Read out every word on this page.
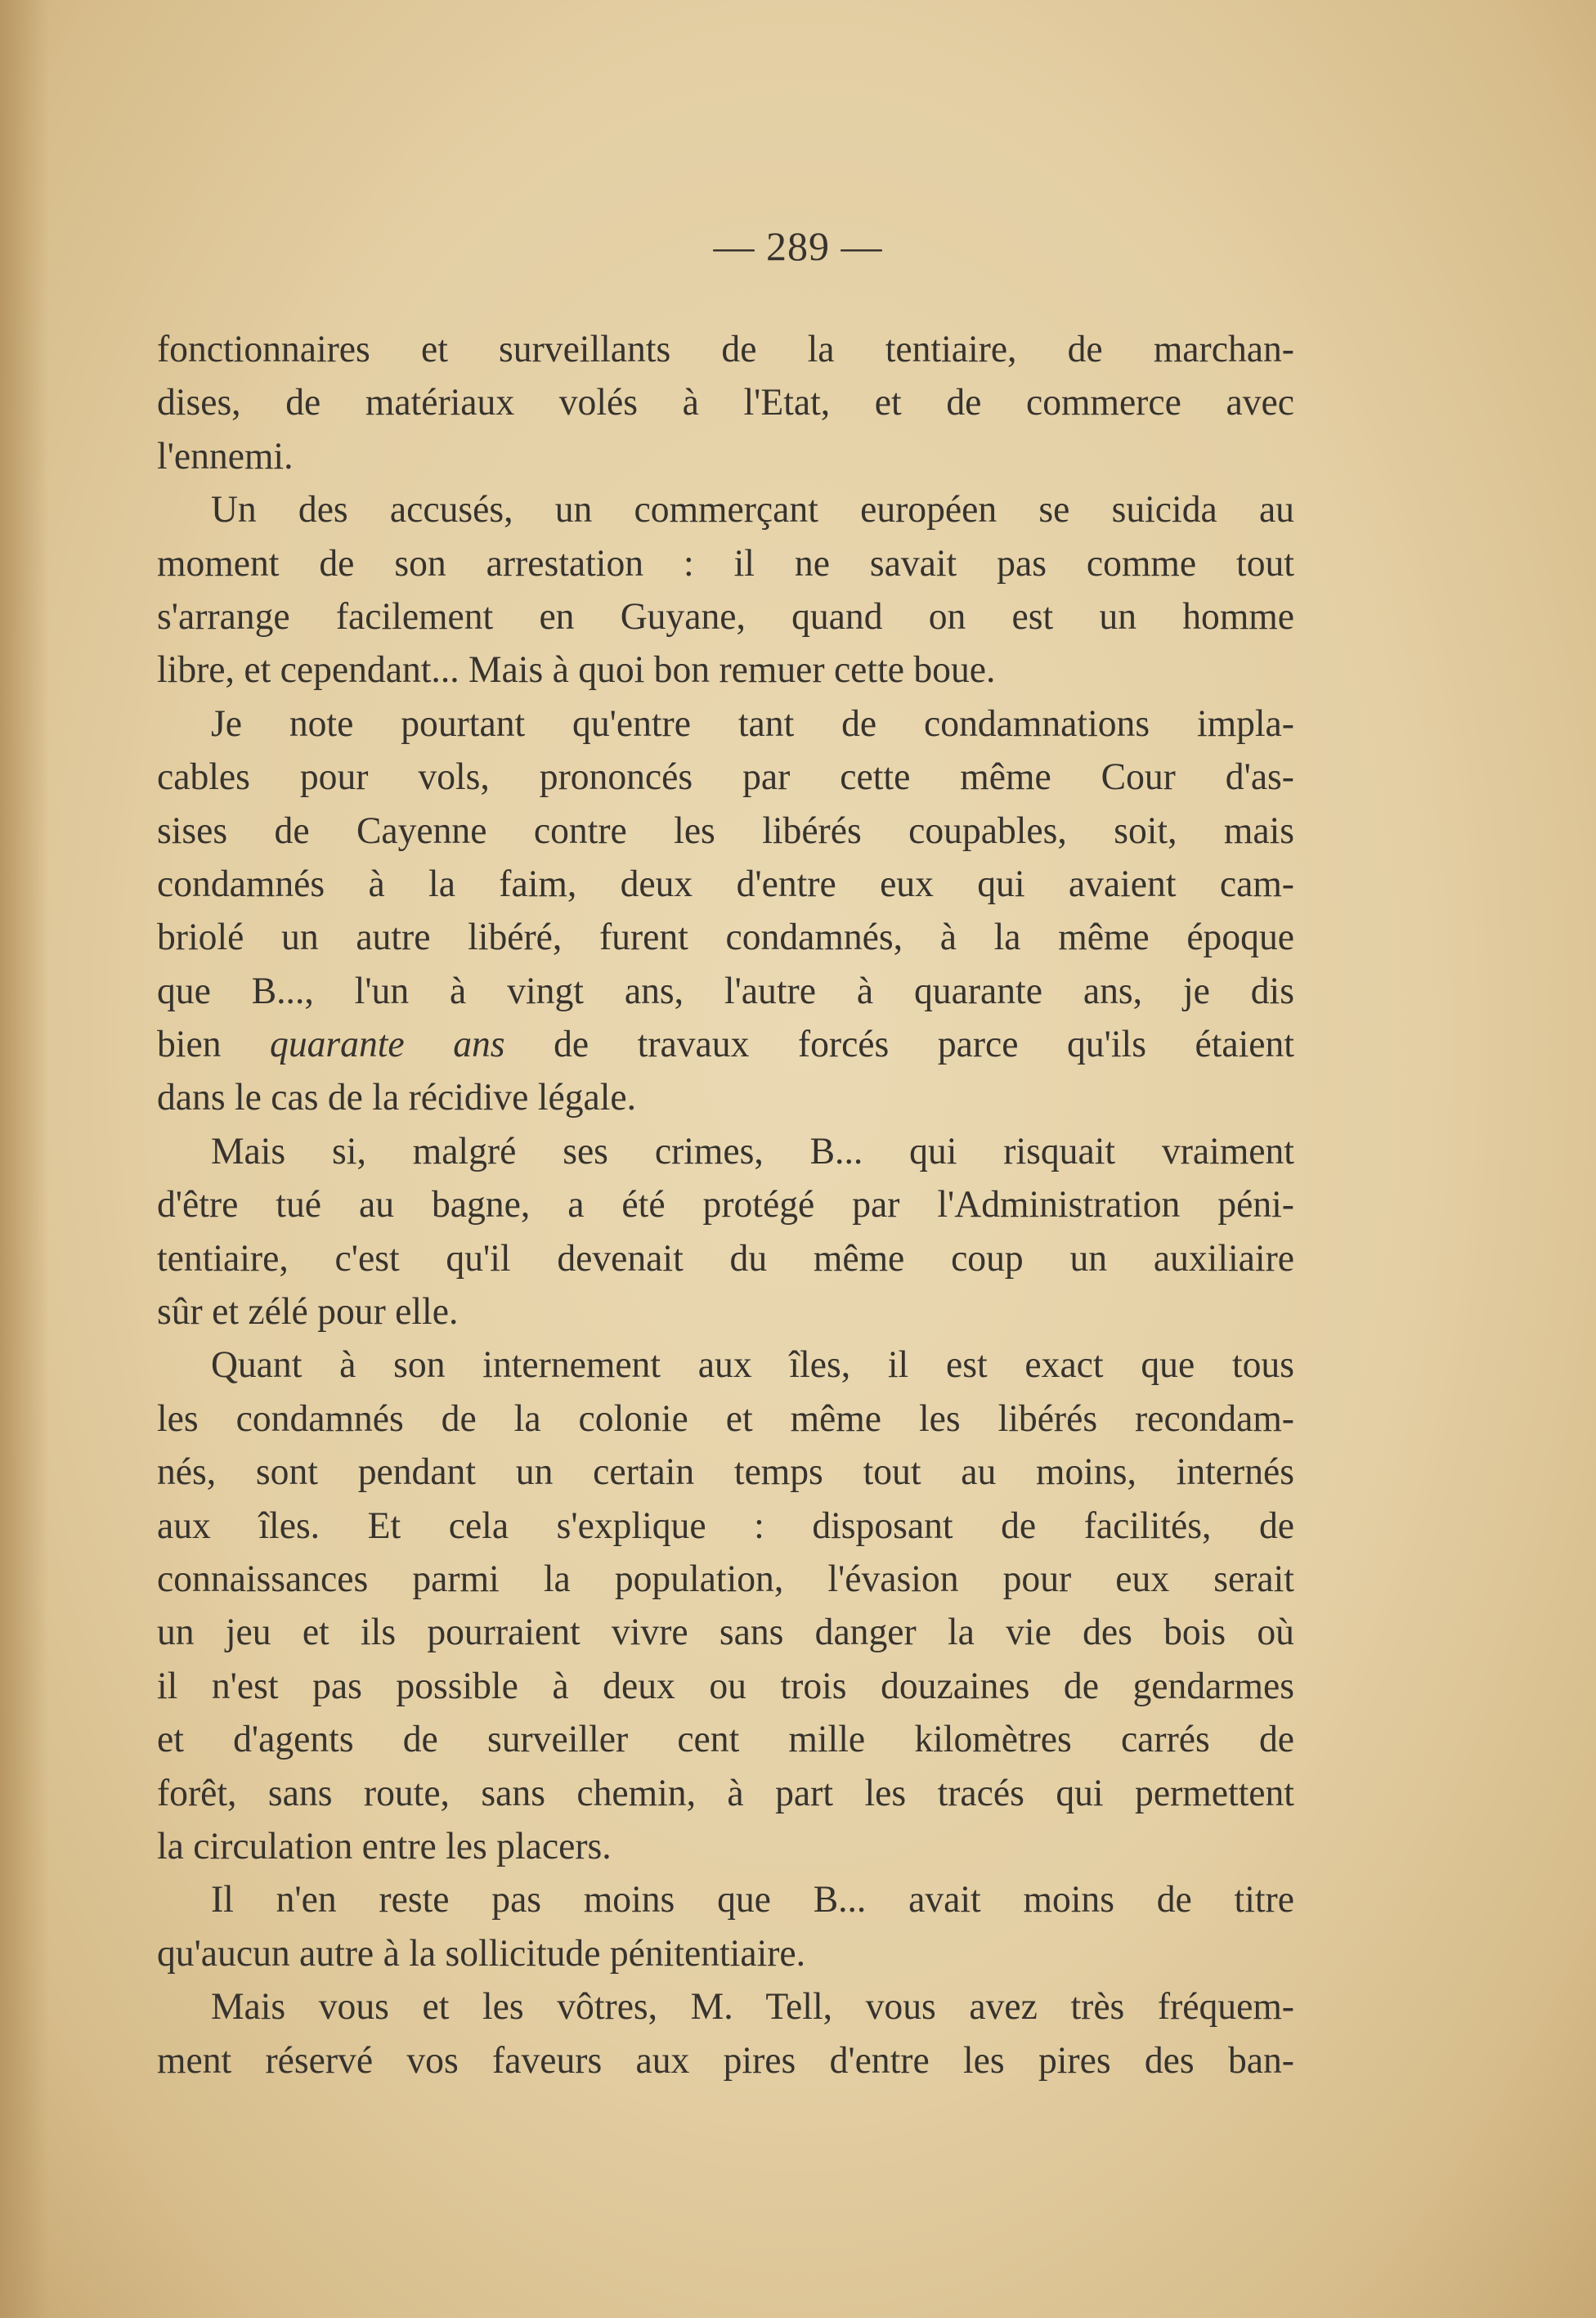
— 289 —
fonctionnaires et surveillants de la tentiaire, de marchan-
dises, de matériaux volés à l'Etat, et de commerce avec
l'ennemi.
Un des accusés, un commerçant européen se suicida au
moment de son arrestation : il ne savait pas comme tout
s'arrange facilement en Guyane, quand on est un homme
libre, et cependant... Mais à quoi bon remuer cette boue.
Je note pourtant qu'entre tant de condamnations impla-
cables pour vols, prononcés par cette même Cour d'as-
sises de Cayenne contre les libérés coupables, soit, mais
condamnés à la faim, deux d'entre eux qui avaient cam-
briolé un autre libéré, furent condamnés, à la même époque
que B..., l'un à vingt ans, l'autre à quarante ans, je dis
bien quarante ans de travaux forcés parce qu'ils étaient
dans le cas de la récidive légale.
Mais si, malgré ses crimes, B... qui risquait vraiment
d'être tué au bagne, a été protégé par l'Administration péni-
tentiaire, c'est qu'il devenait du même coup un auxiliaire
sûr et zélé pour elle.
Quant à son internement aux îles, il est exact que tous
les condamnés de la colonie et même les libérés recondam-
nés, sont pendant un certain temps tout au moins, internés
aux îles. Et cela s'explique : disposant de facilités, de
connaissances parmi la population, l'évasion pour eux serait
un jeu et ils pourraient vivre sans danger la vie des bois où
il n'est pas possible à deux ou trois douzaines de gendarmes
et d'agents de surveiller cent mille kilomètres carrés de
forêt, sans route, sans chemin, à part les tracés qui permettent
la circulation entre les placers.
Il n'en reste pas moins que B... avait moins de titre
qu'aucun autre à la sollicitude pénitentiaire.
Mais vous et les vôtres, M. Tell, vous avez très fréquem-
ment réservé vos faveurs aux pires d'entre les pires des ban-
